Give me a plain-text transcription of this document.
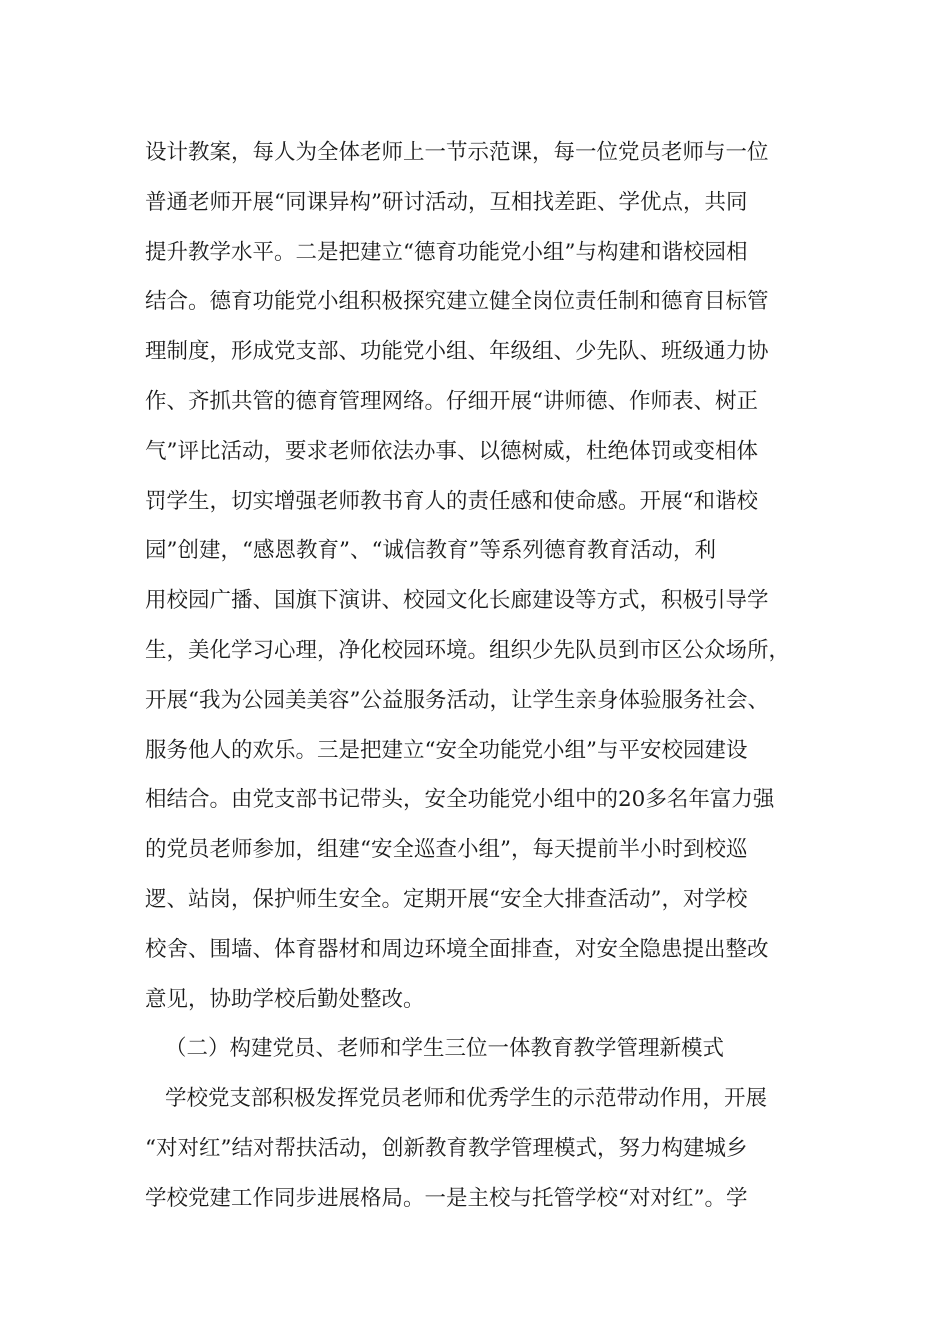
设计教案，每人为全体老师上一节示范课，每一位党员老师与一位
普通老师开展“同课异构”研讨活动，互相找差距、学优点，共同
提升教学水平。二是把建立“德育功能党小组”与构建和谐校园相
结合。德育功能党小组积极探究建立健全岗位责任制和德育目标管
理制度，形成党支部、功能党小组、年级组、少先队、班级通力协
作、齐抓共管的德育管理网络。仔细开展“讲师德、作师表、树正
气”评比活动，要求老师依法办事、以德树威，杜绝体罚或变相体
罚学生，切实增强老师教书育人的责任感和使命感。开展“和谐校
园”创建，“感恩教育”、“诚信教育”等系列德育教育活动，利
用校园广播、国旗下演讲、校园文化长廊建设等方式，积极引导学
生，美化学习心理，净化校园环境。组织少先队员到市区公众场所，
开展“我为公园美美容”公益服务活动，让学生亲身体验服务社会、
服务他人的欢乐。三是把建立“安全功能党小组”与平安校园建设
相结合。由党支部书记带头，安全功能党小组中的20多名年富力强
的党员老师参加，组建“安全巡查小组”，每天提前半小时到校巡
逻、站岗，保护师生安全。定期开展“安全大排查活动”，对学校
校舍、围墙、体育器材和周边环境全面排查，对安全隐患提出整改
意见，协助学校后勤处整改。
（二）构建党员、老师和学生三位一体教育教学管理新模式
学校党支部积极发挥党员老师和优秀学生的示范带动作用，开展
“对对红”结对帮扶活动，创新教育教学管理模式，努力构建城乡
学校党建工作同步进展格局。一是主校与托管学校“对对红”。学
